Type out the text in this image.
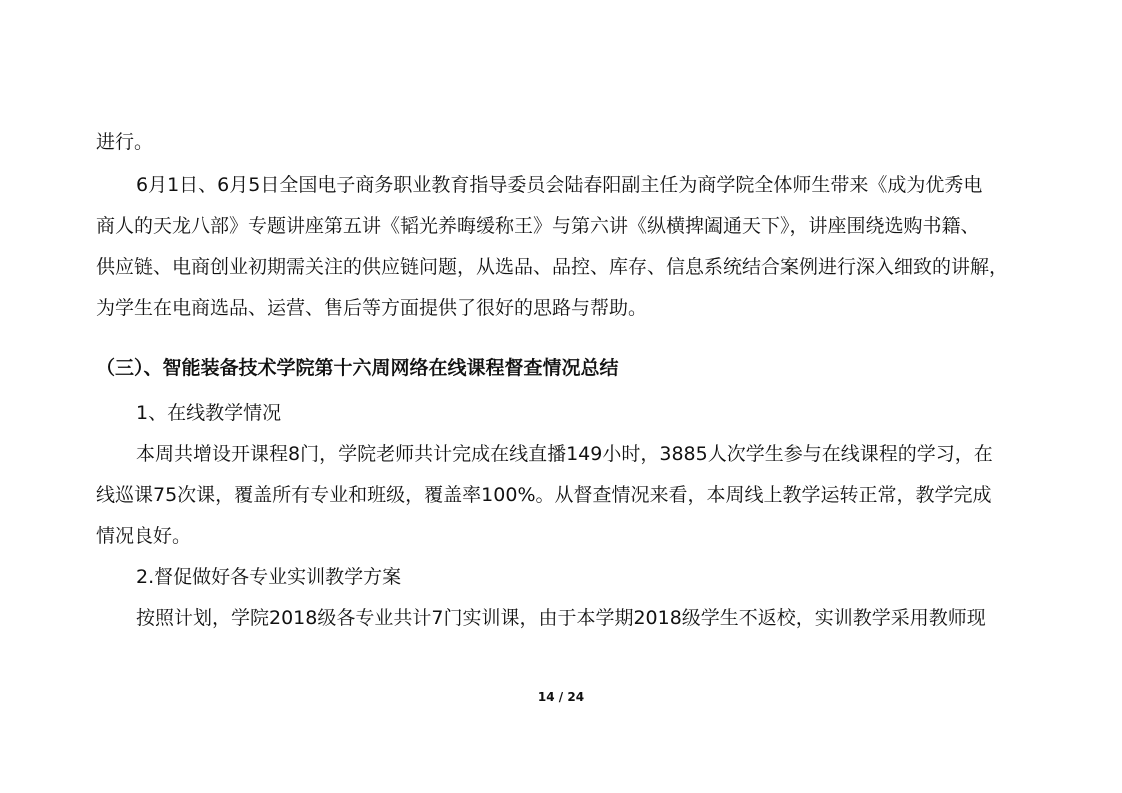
进行。
6月1日、6月5日全国电子商务职业教育指导委员会陆春阳副主任为商学院全体师生带来《成为优秀电
商人的天龙八部》专题讲座第五讲《韬光养晦缓称王》与第六讲《纵横捭阖通天下》，讲座围绕选购书籍、
供应链、电商创业初期需关注的供应链问题，从选品、品控、库存、信息系统结合案例进行深入细致的讲解，
为学生在电商选品、运营、售后等方面提供了很好的思路与帮助。
（三）、智能装备技术学院第十六周网络在线课程督查情况总结
1、在线教学情况
本周共增设开课程8门，学院老师共计完成在线直播149小时，3885人次学生参与在线课程的学习，在
线巡课75次课，覆盖所有专业和班级，覆盖率100%。从督查情况来看，本周线上教学运转正常，教学完成
情况良好。
2.督促做好各专业实训教学方案
按照计划，学院2018级各专业共计7门实训课，由于本学期2018级学生不返校，实训教学采用教师现
14 / 24
